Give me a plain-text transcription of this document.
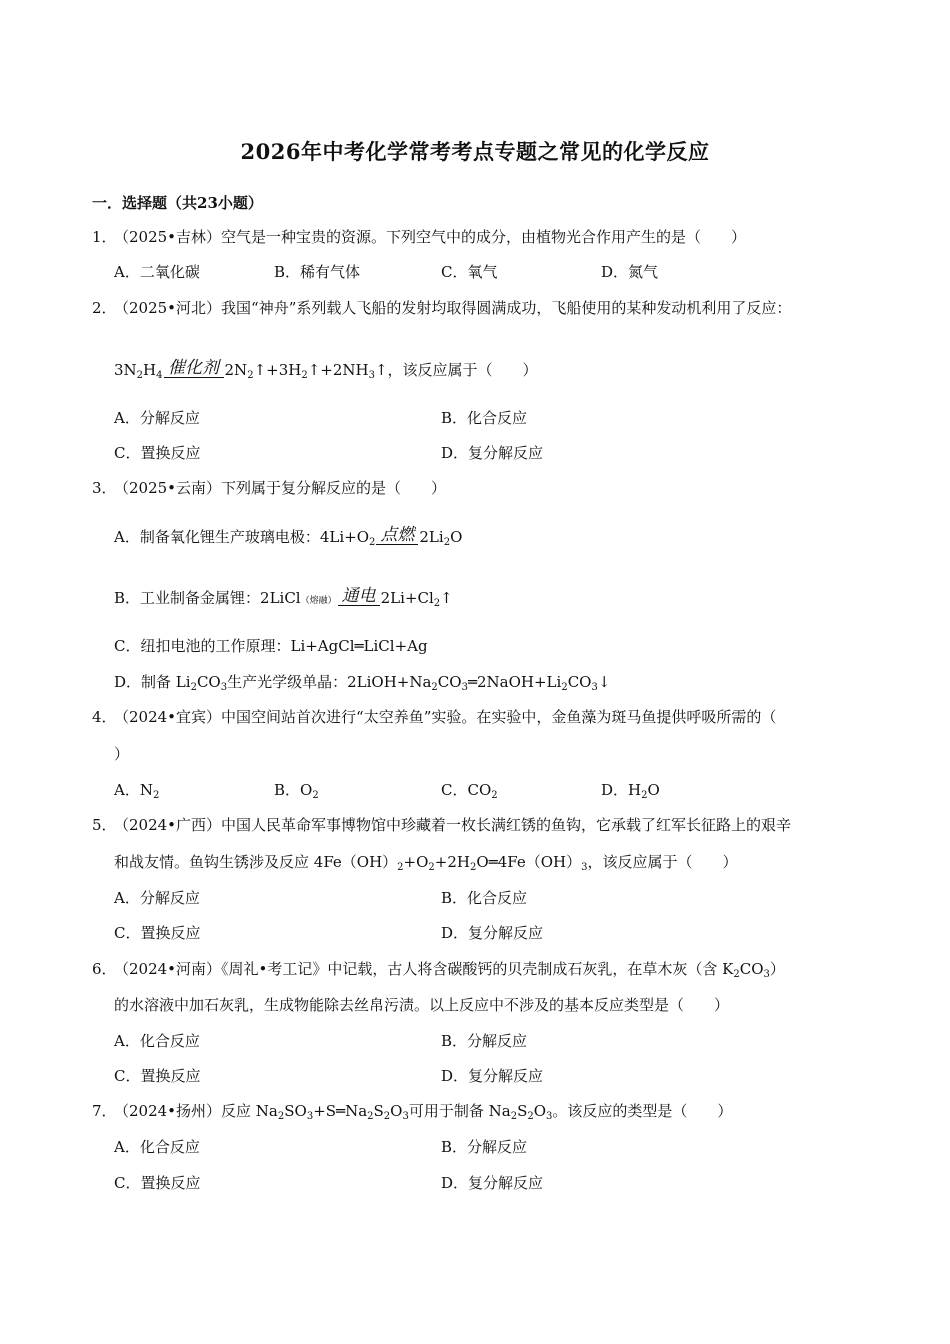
2026年中考化学常考考点专题之常见的化学反应
一．选择题（共23小题）
1．（2025•吉林）空气是一种宝贵的资源。下列空气中的成分，由植物光合作用产生的是（　　）
A．二氧化碳	B．稀有气体	C．氧气	D．氮气
2．（2025•河北）我国“神舟”系列载人飞船的发射均取得圆满成功，飞船使用的某种发动机利用了反应：
$3N_2H_4$ 催化剂 $2N_2↑+3H_2↑+2NH_3↑$，该反应属于（　　）
A．分解反应	B．化合反应
C．置换反应	D．复分解反应
3．（2025•云南）下列属于复分解反应的是（　　）
A．制备氧化锂生产玻璃电极：$4Li+O_2$ 点燃 $2Li_2O$
B．工业制备金属锂：2LiCl（熔融） 通电 $2Li+Cl_2↑$
C．纽扣电池的工作原理：Li+AgCl═LiCl+Ag
D．制备 $Li_2CO_3$生产光学级单晶：$2LiOH+Na_2CO_3═2NaOH+Li_2CO_3↓$
4．（2024•宜宾）中国空间站首次进行“太空养鱼”实验。在实验中，金鱼藻为斑马鱼提供呼吸所需的（
）
A．$N_2$	B．$O_2$	C．$CO_2$	D．$H_2O$
5．（2024•广西）中国人民革命军事博物馆中珍藏着一枚长满红锈的鱼钩，它承载了红军长征路上的艰辛
和战友情。鱼钩生锈涉及反应 $4Fe(OH)_2+O_2+2H_2O═4Fe(OH)_3$，该反应属于（　　）
A．分解反应	B．化合反应
C．置换反应	D．复分解反应
6．（2024•河南）《周礼•考工记》中记载，古人将含碳酸钙的贝壳制成石灰乳，在草木灰（含 $K_2CO_3$）
的水溶液中加石灰乳，生成物能除去丝帛污渍。以上反应中不涉及的基本反应类型是（　　）
A．化合反应	B．分解反应
C．置换反应	D．复分解反应
7．（2024•扬州）反应 $Na_2SO_3+S═Na_2S_2O_3$可用于制备 $Na_2S_2O_3$。该反应的类型是（　　）
A．化合反应	B．分解反应
C．置换反应	D．复分解反应
